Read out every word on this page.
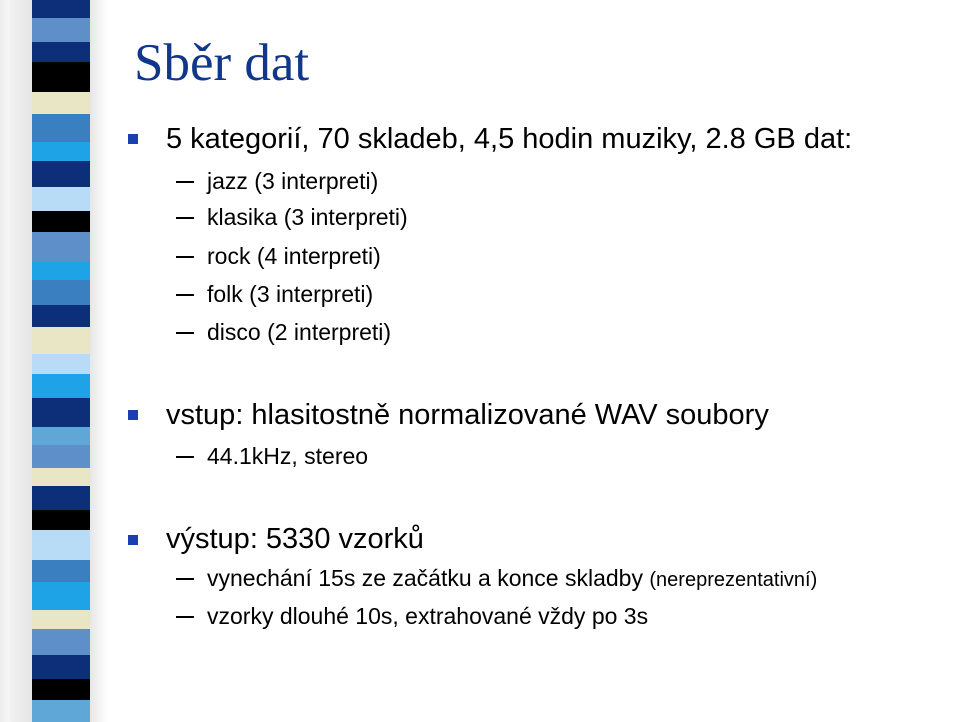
Sběr dat
5 kategorií, 70 skladeb, 4,5 hodin muziky, 2.8 GB dat:
jazz (3 interpreti)
klasika (3 interpreti)
rock (4 interpreti)
folk (3 interpreti)
disco (2 interpreti)
vstup: hlasitostně normalizované WAV soubory
44.1kHz, stereo
výstup: 5330 vzorků
vynechání 15s ze začátku a konce skladby (nereprezentativní)
vzorky dlouhé 10s, extrahované vždy po 3s
